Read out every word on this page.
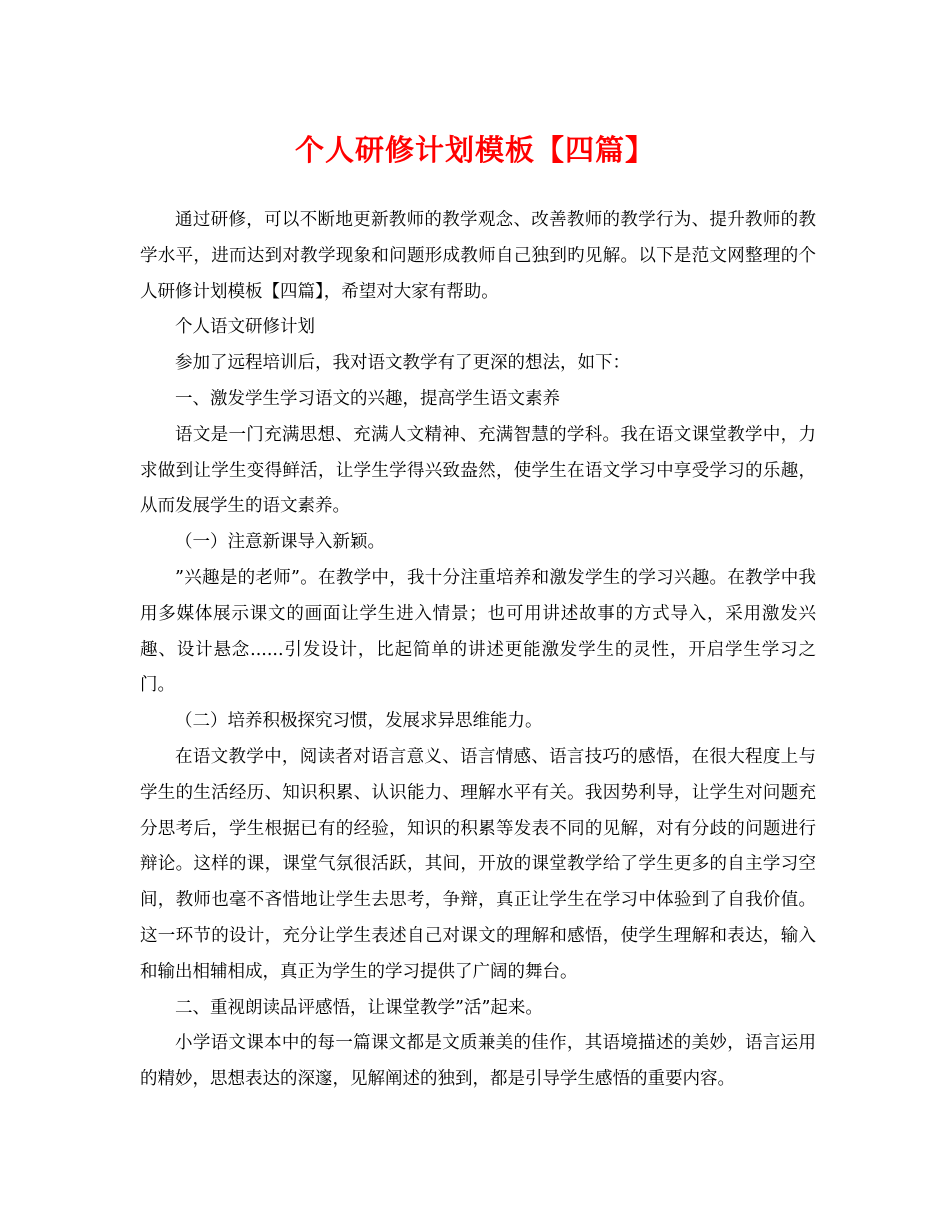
个人研修计划模板【四篇】

通过研修，可以不断地更新教师的教学观念、改善教师的教学行为、提升教师的教学水平，进而达到对教学现象和问题形成教师自己独到旳见解。以下是范文网整理的个人研修计划模板【四篇】，希望对大家有帮助。

个人语文研修计划

参加了远程培训后，我对语文教学有了更深的想法，如下：

一、激发学生学习语文的兴趣，提高学生语文素养

语文是一门充满思想、充满人文精神、充满智慧的学科。我在语文课堂教学中，力求做到让学生变得鲜活，让学生学得兴致盎然，使学生在语文学习中享受学习的乐趣，从而发展学生的语文素养。

（一）注意新课导入新颖。

”兴趣是的老师”。在教学中，我十分注重培养和激发学生的学习兴趣。在教学中我用多媒体展示课文的画面让学生进入情景；也可用讲述故事的方式导入，采用激发兴趣、设计悬念......引发设计，比起简单的讲述更能激发学生的灵性，开启学生学习之门。

（二）培养积极探究习惯，发展求异思维能力。

在语文教学中，阅读者对语言意义、语言情感、语言技巧的感悟，在很大程度上与学生的生活经历、知识积累、认识能力、理解水平有关。我因势利导，让学生对问题充分思考后，学生根据已有的经验，知识的积累等发表不同的见解，对有分歧的问题进行辩论。这样的课，课堂气氛很活跃，其间，开放的课堂教学给了学生更多的自主学习空间，教师也毫不吝惜地让学生去思考，争辩，真正让学生在学习中体验到了自我价值。这一环节的设计，充分让学生表述自己对课文的理解和感悟，使学生理解和表达，输入和输出相辅相成，真正为学生的学习提供了广阔的舞台。

二、重视朗读品评感悟，让课堂教学”活”起来。

小学语文课本中的每一篇课文都是文质兼美的佳作，其语境描述的美妙，语言运用的精妙，思想表达的深邃，见解阐述的独到，都是引导学生感悟的重要内容。
